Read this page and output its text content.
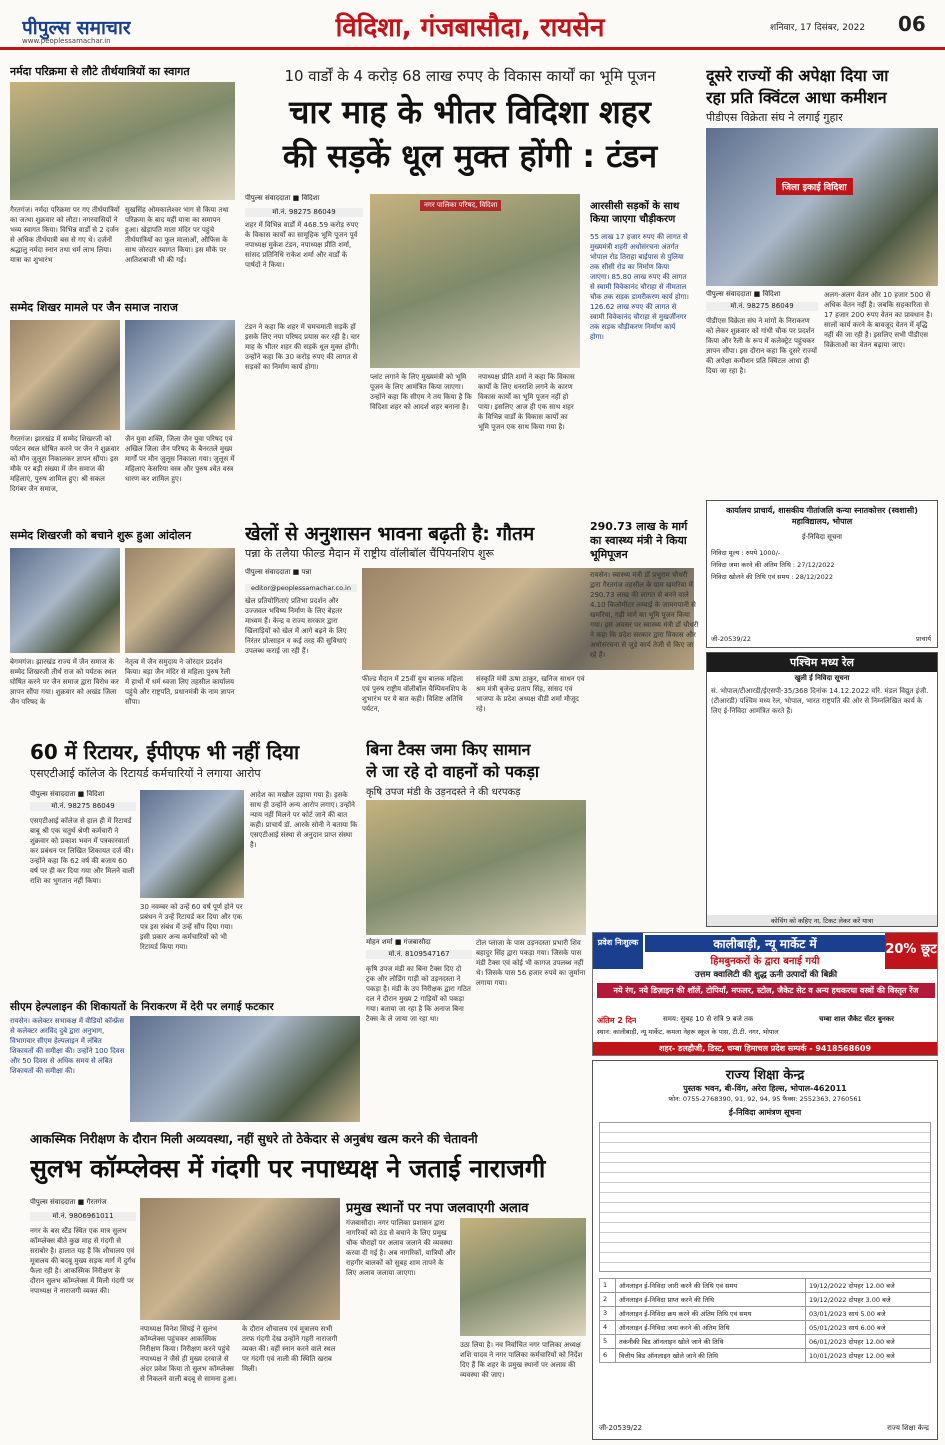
पीपुल्स समाचार
www.peoplessamachar.in	विदिशा, गंजबासौदा, रायसेन	शनिवार, 17 दिसंबर, 2022 06
नर्मदा परिक्रमा से लौटे तीर्थयात्रियों का स्वागत
गैरतगंज। नर्मदा परिक्रमा पर गए तीर्थयात्रियों का जत्था शुक्रवार को लौटा। नगरवासियों ने भव्य स्वागत किया। विभिन्न वार्डों से 2 दर्जन से अधिक तीर्थयात्री बस से गए थे। दर्जनों श्रद्धालु नर्मदा स्नान तथा धर्म लाभ लिया। यात्रा का शुभारंभ
सुखसिंह ओमकालेश्वर भाग से किया तथा परिक्रमा के बाद यहीं यात्रा का समापन हुआ। खेड़ापति माता मंदिर पर पहुंचे तीर्थयात्रियों का फूल मालाओं, औफिस के साथ जोरदार स्वागत किया। इस मौके पर आतिशबाजी भी की गई।
सम्मेद शिखर मामले पर जैन समाज नाराज
गैरतगंज। झारखंड में सम्मेद शिखरजी को पर्यटन स्थल घोषित करने पर जैन ने शुक्रवार को मौन जुलूस निकालकर ज्ञापन सौंपा। इस मौके पर बड़ी संख्या में जैन समाज की महिलाएं, पुरुष शामिल हुए। श्री सकल दिगंबर जैन समाज,
जैन युवा शक्ति, जिला जैन युवा परिषद एवं अखिल जिला जैन परिषद के बैनरतले मुख्य मार्गों पर मौन जुलूस निकाला गया। जुलूस में महिलाएं केसरिया वस्त्र और पुरुष श्वेत वस्त्र धारण कर शामिल हुए।
सम्मेद शिखरजी को बचाने शुरू हुआ आंदोलन
बेगमगंज। झारखंड राज्य में जैन समाज के सम्मेद शिखरजी तीर्थ राज को पर्यटक स्थल घोषित करने पर जैन समाज द्वारा विरोध कर ज्ञापन सौंपा गया। शुक्रवार को अखंड जिला जैन परिषद के
नेतृत्व में जैन समुदाय ने जोरदार प्रदर्शन किया। बड़ा जैन मंदिर से महिला पुरुष रैली में हाथों में धर्म ध्वजा लिए तहसील कार्यालय पहुंचे और राष्ट्रपति, प्रधानमंत्री के नाम ज्ञापन सौंपा।
10 वार्डों के 4 करोड़ 68 लाख रुपए के विकास कार्यों का भूमि पूजन
चार माह के भीतर विदिशा शहर
की सड़कें धूल मुक्त होंगी : टंडन
पीपुल्स संवाददाता ■ विदिशा
मो.नं. 98275 86049
शहर में विभिन्न वार्डों में 468.59 करोड़ रुपए के विकास कार्यों का सामूहिक भूमि पूजन पूर्व नपाध्यक्ष मुकेश टंडन, नपाध्यक्ष प्रीति शर्मा, सांसद प्रतिनिधि राकेश शर्मा और वार्डों के पार्षदों ने किया।
टंडन ने कहा कि शहर में चमचमाती सड़कें हों इसके लिए नया परिषद प्रयास कर रही है। चार माह के भीतर शहर की सड़कें धूल मुक्त होंगी। उन्होंने कहा कि 30 करोड़ रुपए की लागत से सड़कों का निर्माण कार्य होगा।
नगर पालिका परिषद, विदिशा
प्लांट लगाने के लिए मुख्यमंत्री को भूमि पूजन के लिए आमंत्रित किया जाएगा। उन्होंने कहा कि सीएम ने तय किया है कि विदिशा शहर को आदर्श शहर बनाना है।
नपाध्यक्ष प्रीति शर्मा ने कहा कि विकास कार्यों के लिए धनराशि लगने के कारण विकास कार्यों का भूमि पूजन नहीं हो पाया। इसलिए आज ही एक साथ शहर के विभिन्न वार्डों के विकास कार्यों का भूमि पूजन एक साथ किया गया है।
आरसीसी सड़कों के साथ किया जाएगा चौड़ीकरण
55 लाख 17 हजार रुपए की लागत से मुख्यमंत्री शहरी अधोसंरचना अंतर्गत भोपाल रोड तिराहा बाईपास से पुलिया तक सीसी रोड का निर्माण किया जाएगा। 85.80 लाख रुपए की लागत से स्वामी विवेकानंद चौराहा से नीमताल चौक तक सड़क डामरीकरण कार्य होगा। 126.62 लाख रुपए की लागत से स्वामी विवेकानंद चौराहा से मुखर्जीनगर तक सड़क चौड़ीकरण निर्माण कार्य होगा।
दूसरे राज्यों की अपेक्षा दिया जा
रहा प्रति क्विंटल आधा कमीशन
पीडीएस विक्रेता संघ ने लगाई गुहार
जिला इकाई विदिशा
पीपुल्स संवाददाता ■ विदिशा
मो.नं. 98275 86049
पीडीएस विक्रेता संघ ने मांगों के निराकरण को लेकर शुक्रवार को गांधी चौक पर प्रदर्शन किया और रैली के रूप में कलेक्ट्रेट पहुंचकर ज्ञापन सौंपा। इस दौरान कहा कि दूसरे राज्यों की अपेक्षा कमीशन प्रति क्विंटल आधा ही दिया जा रहा है।
अलग-अलग वेतन और 10 हजार 500 से अधिक वेतन नहीं है। जबकि सहकारिता से 17 हजार 200 रुपए वेतन का प्रावधान है। सालों कार्य करने के बावजूद वेतन में वृद्धि नहीं की जा रही है। इसलिए सभी पीडीएस विक्रेताओं का वेतन बढ़ाया जाए।
कार्यालय प्राचार्य, शासकीय गीतांजलि कन्या स्नातकोत्तर (स्वशासी) महाविद्यालय, भोपाल
ई-निविदा सूचना
निविदा मूल्य : रुपये 1000/-
निविदा जमा करने की अंतिम तिथि : 27/12/2022
निविदा खोलने की तिथि एवं समय : 28/12/2022
जी-20539/22	प्राचार्य
पश्चिम मध्य रेल
खुली ई निविदा सूचना
सं. भोपाल/टीआरडी/ईएसपी-35/368 दिनांक 14.12.2022 वरि. मंडल विद्युत इंजी. (टीआरडी) पश्चिम मध्य रेल, भोपाल, भारत राष्ट्रपति की ओर से निम्नलिखित कार्य के लिए ई-निविदा आमंत्रित करते हैं।
कोचिंग को कहिए ना, टिकट लेकर करें यात्रा
खेलों से अनुशासन भावना बढ़ती है: गौतम
पन्ना के तलैया फील्ड मैदान में राष्ट्रीय वॉलीबॉल चैंपियनशिप शुरू
पीपुल्स संवाददाता ■ पन्ना
editor@peoplessamachar.co.in
खेल प्रतियोगिताएं प्रतिभा प्रदर्शन और उज्जवल भविष्य निर्माण के लिए बेहतर माध्यम हैं। केन्द्र व राज्य सरकार द्वारा खिलाड़ियों को खेल में आगे बढ़ने के लिए निरंतर प्रोत्साहन व कई तरह की सुविधाएं उपलब्ध कराई जा रही हैं।
फील्ड मैदान में 25वीं युथ बालक महिला एवं पुरुष राष्ट्रीय वॉलीबॉल चैम्पियनशिप के शुभारंभ पर ये बात कही। विशिष्ट अतिथि पर्यटन,
संस्कृति मंत्री ऊषा ठाकुर, खनिज साधन एवं श्रम मंत्री बृजेन्द्र प्रताप सिंह, सांसद एवं भाजपा के प्रदेश अध्यक्ष वीडी शर्मा मौजूद रहे।
290.73 लाख के मार्ग का स्वास्थ्य मंत्री ने किया भूमिपूजन
रायसेन। स्वास्थ्य मंत्री डॉ प्रभुराम चौधरी द्वारा गैरतगंज तहसील के ग्राम खमरिया में 290.73 लाख की लागत से बनने वाले 4.10 किलोमीटर लम्बाई के जामगपानी से खमरिया, गढ़ी मार्ग का भूमि पूजन किया गया। इस अवसर पर स्वास्थ्य मंत्री डॉ चौधरी ने कहा कि प्रदेश सरकार द्वारा विकास और अधोसंरचना से जुड़े कार्य तेजी से किए जा रहे हैं।
60 में रिटायर, ईपीएफ भी नहीं दिया
एसएटीआई कॉलेज के रिटायर्ड कर्मचारियों ने लगाया आरोप
पीपुल्स संवाददाता ■ विदिशा
मो.नं. 98275 86049
एसएटीआई कॉलेज से हाल ही में रिटायर्ड बाबू श्री एक चतुर्थ श्रेणी कर्मचारी ने शुक्रवार को प्रकाश भवन में पत्रकारवार्ता कर प्रबंधन पर लिखित शिकायत दर्ज की। उन्होंने कहा कि 62 वर्ष की बजाय 60 वर्ष पर ही कर दिया गया और मिलने वाली राशि का भुगतान नहीं किया।
30 नवम्बर को उन्हें 60 वर्ष पूर्ण होने पर प्रबंधन ने उन्हें रिटायर्ड कर दिया और एक पत्र इस संबंध में उन्हें सौंप दिया गया। इसी प्रकार अन्य कर्मचारियों को भी रिटायर्ड किया गया।
आदेश का मखौल उड़ाया गया है। इसके साथ ही उन्होंने अन्य आरोप लगाए। उन्होंने न्याय नहीं मिलने पर कोर्ट जाने की बात कही। प्राचार्य डॉ. आरके सोनी ने बताया कि एसएटीआई संस्था से अनुदान प्राप्त संस्था है।
बिना टैक्स जमा किए सामान
ले जा रहे दो वाहनों को पकड़ा
कृषि उपज मंडी के उड़नदस्ते ने की धरपकड़
मोहन शर्मा ■ गंजबासौदा
मो.नं. 8109547167
कृषि उपज मंडी का बिना टैक्स दिए दो ट्रक और लोडिंग गाड़ी को उड़नदस्ता ने पकड़ा है। मंडी के उप निरीक्षक द्वारा गठित दल ने दौरान मुख्य 2 गाड़ियों को पकड़ा गया। बताया जा रहा है कि अनाज बिना टैक्स के ले जाया जा रहा था।
टोल प्लाजा के पास उड़नदस्ता प्रभारी शिव बहादुर सिंह द्वारा पकड़ा गया। जिसके पास मंडी टैक्स एवं कोई भी कागज उपलब्ध नहीं थे। जिसके पास 56 हजार रुपये का जुर्माना लगाया गया।
सीएम हेल्पलाइन की शिकायतों के निराकरण में देरी पर लगाई फटकार
रायसेन। कलेक्टर सभाकक्ष में वीडियो कॉन्फ्रेंस से कलेक्टर अरविंद दुबे द्वारा अनुभाग, विभागवार सीएम हेल्पलाइन में लंबित शिकायतों की समीक्षा की। उन्होंने 100 दिवस और 50 दिवस से अधिक समय से लंबित शिकायतों की समीक्षा की।
प्रवेश निःशुल्क	कालीबाड़ी, न्यू मार्केट में	20% छूट
हिमबुनकरों के द्वारा बनाई गयी
उत्तम क्वालिटी की शुद्ध ऊनी उत्पादों की बिक्री
नये रंग, नये डिज़ाइन की शॉलें, टोपियाँ, मफलर, स्टोल, जैकेट सेट व अन्य हथकरघा वस्त्रों की विस्तृत रेंज
अंतिम 2 दिन	समय: सुबह 10 से रात्रि 9 बजे तक	चम्बा शाल जैकेट सेंटर बुनकर
स्थान: कालीबाड़ी, न्यू मार्केट, कमला नेहरू स्कूल के पास, टी.टी. नगर, भोपाल
शहर- डलहौजी, डिस्ट, चम्बा हिमाचल प्रदेश सम्पर्क - 9418568609
राज्य शिक्षा केन्द्र
पुस्तक भवन, बी-विंग, अरेरा हिल्स, भोपाल-462011
फोन: 0755-2768390, 91, 92, 94, 95 फैक्स: 2552363, 2760561
ई-निविदा आमंत्रण सूचना
1	ऑनलाइन ई-निविदा जारी करने की तिथि एवं समय	19/12/2022 दोपहर 12.00 बजे
2	ऑनलाइन ई-निविदा प्राप्त करने की तिथि	19/12/2022 दोपहर 3.00 बजे
3	ऑनलाइन ई-निविदा क्रय करने की अंतिम तिथि एवं समय	03/01/2023 सायं 5.00 बजे
4	ऑनलाइन ई-निविदा जमा करने की अंतिम तिथि	05/01/2023 सायं 6.00 बजे
5	तकनीकी बिड ऑनलाइन खोले जाने की तिथि	06/01/2023 दोपहर 12.00 बजे
6	वित्तीय बिड ऑनलाइन खोले जाने की तिथि	10/01/2023 दोपहर 12.00 बजे
जी-20539/22	राज्य शिक्षा केन्द्र
आकस्मिक निरीक्षण के दौरान मिली अव्यवस्था, नहीं सुधरे तो ठेकेदार से अनुबंध खत्म करने की चेतावनी
सुलभ कॉम्प्लेक्स में गंदगी पर नपाध्यक्ष ने जताई नाराजगी
पीपुल्स संवाददाता ■ गैरतगंज
मो.नं. 9806961011
नगर के बस स्टैंड स्थित एक मात्र सुलभ कॉम्प्लेक्स बीते कुछ माह से गंदगी से सराबोर है। हालात यह हैं कि शौचालय एवं मूत्रालय की बदबू मुख्य सड़क मार्ग में दुर्गंध फैला रही है। आकस्मिक निरीक्षण के दौरान सुलभ कॉम्प्लेक्स में मिली गंदगी पर नपाध्यक्ष ने नाराजगी व्यक्त की।
नपाध्यक्ष विनेश सिंघई ने सुलभ कॉम्प्लेक्स पहुंचकर आकस्मिक निरीक्षण किया। निरीक्षण करने पहुंचे नपाध्यक्ष ने जैसे ही मुख्य दरवाजे से अंदर प्रवेश किया तो सुलभ कॉम्प्लेक्स से निकलने वाली बदबू से सामना हुआ।
के दौरान शौचालय एवं मूत्रालय सभी तरफ गंदगी देख उन्होंने गहरी नाराजगी व्यक्त की। वहीं स्नान करने वाले स्थल पर गंदगी एवं नाली की स्थिति खराब मिली।
प्रमुख स्थानों पर नपा जलवाएगी अलाव
गंजबासौदा। नगर पालिका प्रशासन द्वारा नागरिकों को ठंड से बचाने के लिए प्रमुख चौक चौराहों पर अलाव जलाने की व्यवस्था करवा दी गई है। अब नागरिकों, यात्रियों और राहगीर बालकों को सुबह शाम तापने के लिए अलाव जलाया जाएगा।
उठा लिया है। नव निर्वाचित नगर पालिका अध्यक्ष शशि यादव ने नगर पालिका कर्मचारियों को निर्देश दिए हैं कि शहर के प्रमुख स्थानों पर अलाव की व्यवस्था की जाए।
